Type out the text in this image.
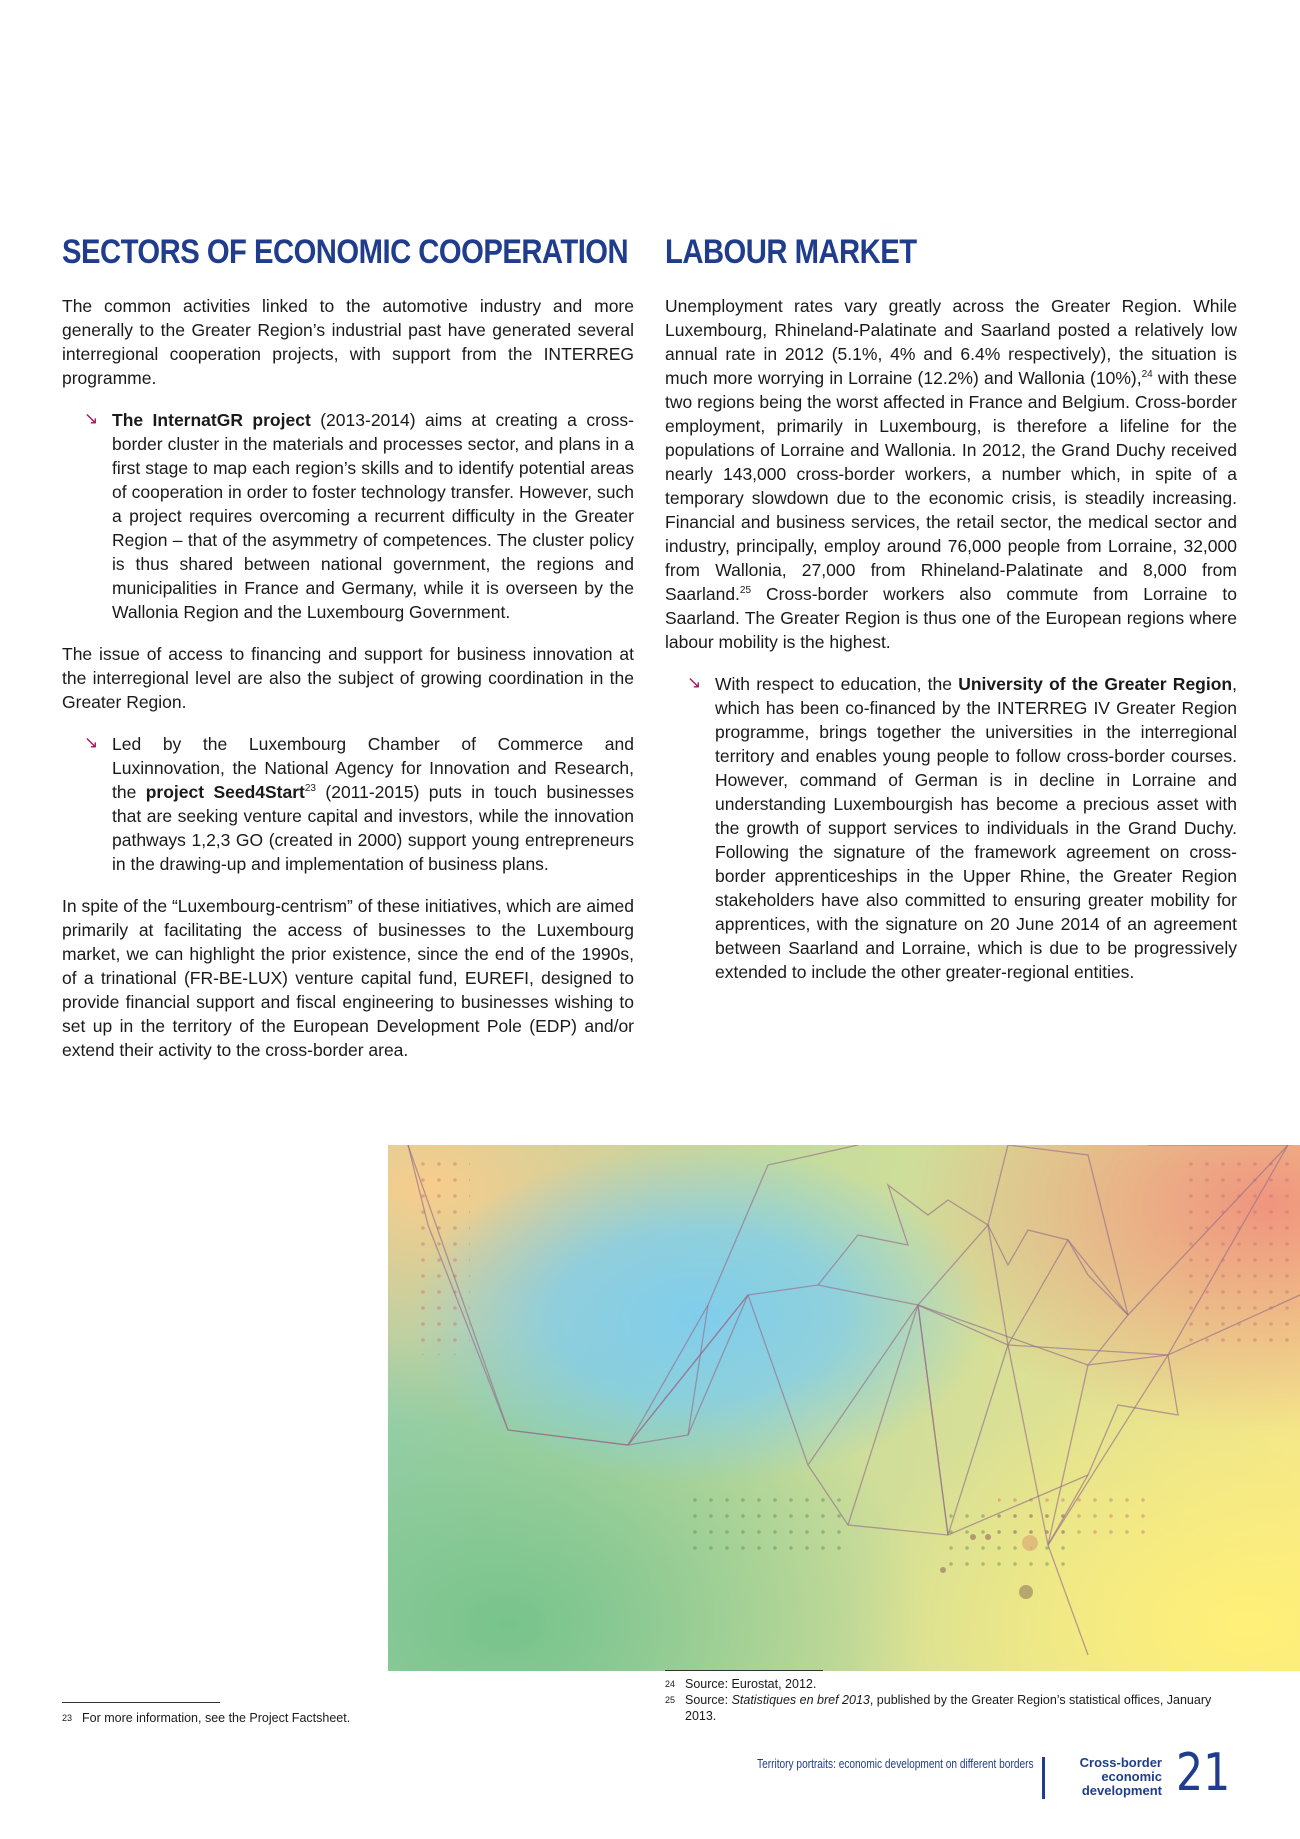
SECTORS OF ECONOMIC COOPERATION

The common activities linked to the automotive industry and more generally to the Greater Region’s industrial past have generated several interregional cooperation projects, with support from the INTERREG programme.

↘ The InternatGR project (2013-2014) aims at creating a cross-border cluster in the materials and processes sector, and plans in a first stage to map each region’s skills and to identify potential areas of cooperation in order to foster technology transfer. However, such a project requires overcoming a recurrent difficulty in the Greater Region – that of the asymmetry of competences. The cluster policy is thus shared between national government, the regions and municipalities in France and Germany, while it is overseen by the Wallonia Region and the Luxembourg Government.

The issue of access to financing and support for business innovation at the interregional level are also the subject of growing coordination in the Greater Region.

↘ Led by the Luxembourg Chamber of Commerce and Luxinnovation, the National Agency for Innovation and Research, the project Seed4Start$^{23}$ (2011-2015) puts in touch businesses that are seeking venture capital and investors, while the innovation pathways 1,2,3 GO (created in 2000) support young entrepreneurs in the drawing-up and implementation of business plans.

In spite of the “Luxembourg-centrism” of these initiatives, which are aimed primarily at facilitating the access of businesses to the Luxembourg market, we can highlight the prior existence, since the end of the 1990s, of a trinational (FR-BE-LUX) venture capital fund, EUREFI, designed to provide financial support and fiscal engineering to businesses wishing to set up in the territory of the European Development Pole (EDP) and/or extend their activity to the cross-border area.

LABOUR MARKET

Unemployment rates vary greatly across the Greater Region. While Luxembourg, Rhineland-Palatinate and Saarland posted a relatively low annual rate in 2012 (5.1%, 4% and 6.4% respectively), the situation is much more worrying in Lorraine (12.2%) and Wallonia (10%),$^{24}$ with these two regions being the worst affected in France and Belgium. Cross-border employment, primarily in Luxembourg, is therefore a lifeline for the populations of Lorraine and Wallonia. In 2012, the Grand Duchy received nearly 143,000 cross-border workers, a number which, in spite of a temporary slowdown due to the economic crisis, is steadily increasing. Financial and business services, the retail sector, the medical sector and industry, principally, employ around 76,000 people from Lorraine, 32,000 from Wallonia, 27,000 from Rhineland-Palatinate and 8,000 from Saarland.$^{25}$ Cross-border workers also commute from Lorraine to Saarland. The Greater Region is thus one of the European regions where labour mobility is the highest.

↘ With respect to education, the University of the Greater Region, which has been co-financed by the INTERREG IV Greater Region programme, brings together the universities in the interregional territory and enables young people to follow cross-border courses. However, command of German is in decline in Lorraine and understanding Luxembourgish has become a precious asset with the growth of support services to individuals in the Grand Duchy. Following the signature of the framework agreement on cross-border apprenticeships in the Upper Rhine, the Greater Region stakeholders have also committed to ensuring greater mobility for apprentices, with the signature on 20 June 2014 of an agreement between Saarland and Lorraine, which is due to be progressively extended to include the other greater-regional entities.

23 For more information, see the Project Factsheet.
24 Source: Eurostat, 2012.
25 Source: Statistiques en bref 2013, published by the Greater Region’s statistical offices, January 2013.
Territory portraits: economic development on different borders	Cross-border
economic
development 21
